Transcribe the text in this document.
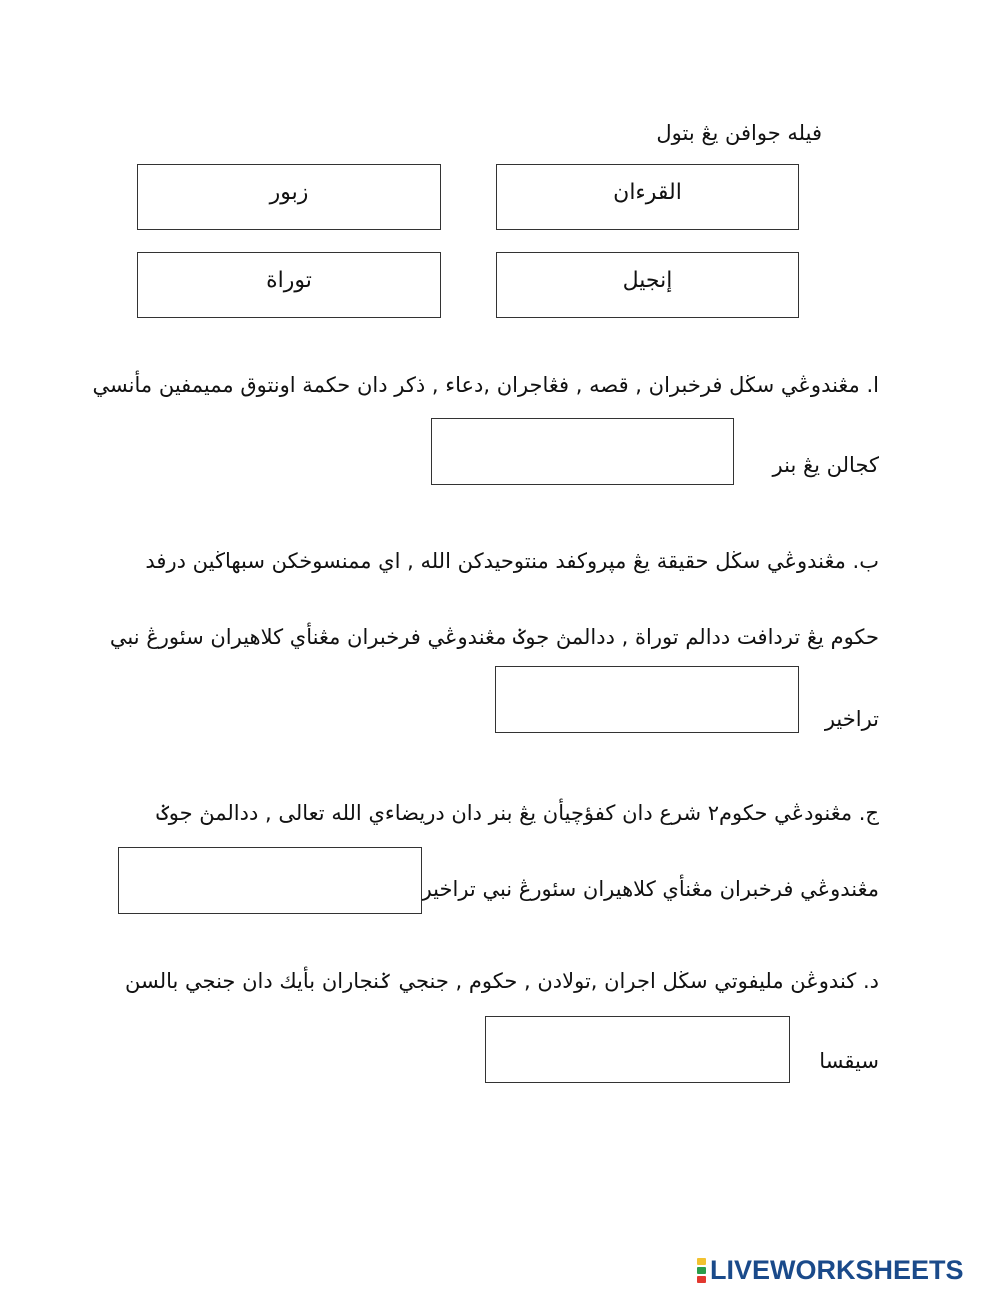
فيله جوافن يڠ بتول
القرءان
زبور
إنجيل
توراة
ا. مڠندوڠي سڬل فرخبران , قصه , فڠاجران ,دعاء , ذكر دان حكمة اونتوق مميمفين مأنسي
كجالن يڠ بنر
ب. مڠندوڠي سڬل حقيقة يڠ مپروكفد منتوحيدكن الله , اي ممنسوخكن سبهاڬين درفد
حكوم يڠ تردافت ددالم توراة , ددالمڽ جوݢ مڠندوڠي فرخبران مڠنأي كلاهيران سئورڠ نبي
تراخير
ج. مڠنودڠي حكوم٢ شرع دان كفؤچيأن يڠ بنر دان دريضاءي الله تعالى , ددالمڽ جوݢ
مڠندوڠي فرخبران مڠنأي كلاهيران سئورڠ نبي تراخير
د. كندوڠن مليفوتي سڬل اجران ,تولادن , حكوم , جنجي ݢنجاران بأيك دان جنجي بالسن
سيقسا
LIVEWORKSHEETS
